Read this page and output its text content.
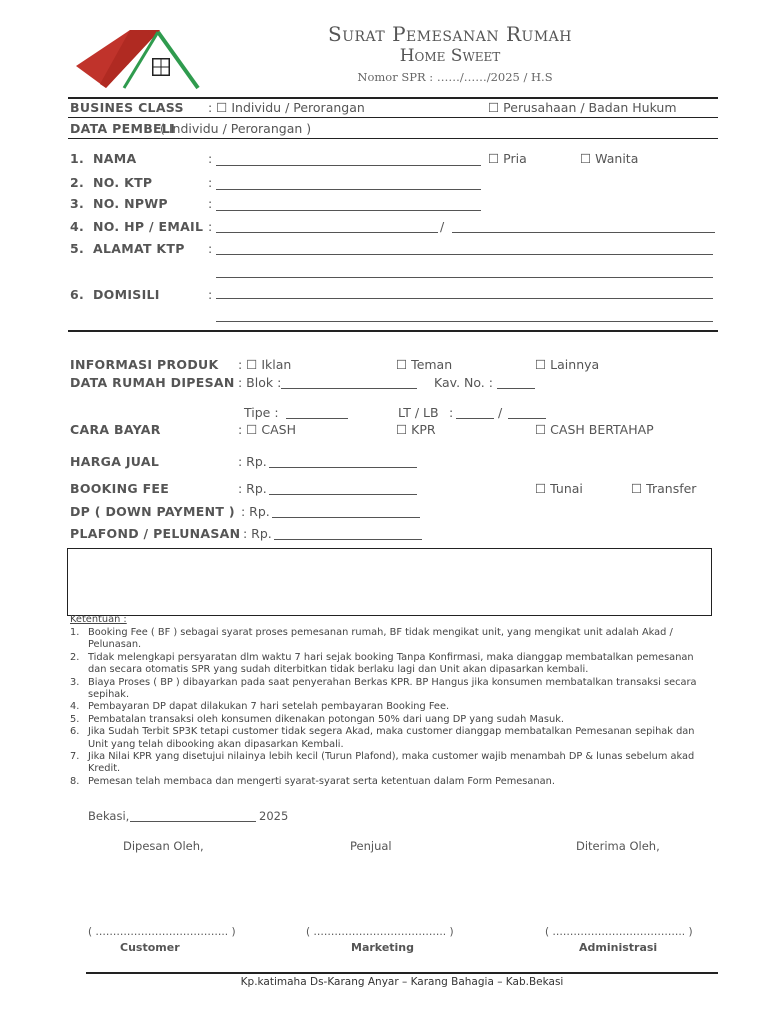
Surat Pemesanan Rumah
Home Sweet
Nomor SPR : ……/……/2025 / H.S
BUSINES CLASS : ☐ Individu / Perorangan	☐ Perusahaan / Badan Hukum
DATA PEMBELI
( Individu / Perorangan )
1. NAMA	:	☐ Pria	☐ Wanita
2. NO. KTP	:
3. NO. NPWP	:
4. NO. HP / EMAIL :	/
5. ALAMAT KTP :
6. DOMISILI	:
INFORMASI PRODUK : ☐ Iklan	☐ Teman	☐ Lainnya
DATA RUMAH DIPESAN : Blok :	Kav. No. :
Tipe :	LT / LB :	/
CARA BAYAR	: ☐ CASH	☐ KPR	☐ CASH BERTAHAP
HARGA JUAL	: Rp.
BOOKING FEE	: Rp.	☐ Tunai	☐ Transfer
DP ( DOWN PAYMENT ) : Rp.
PLAFOND / PELUNASAN : Rp.
Ketentuan :
1. Booking Fee ( BF ) sebagai syarat proses pemesanan rumah, BF tidak mengikat unit, yang mengikat unit adalah Akad /
Pelunasan.
2. Tidak melengkapi persyaratan dlm waktu 7 hari sejak booking Tanpa Konfirmasi, maka dianggap membatalkan pemesanan
dan secara otomatis SPR yang sudah diterbitkan tidak berlaku lagi dan Unit akan dipasarkan kembali.
3. Biaya Proses ( BP ) dibayarkan pada saat penyerahan Berkas KPR. BP Hangus jika konsumen membatalkan transaksi secara
sepihak.
4. Pembayaran DP dapat dilakukan 7 hari setelah pembayaran Booking Fee.
5. Pembatalan transaksi oleh konsumen dikenakan potongan 50% dari uang DP yang sudah Masuk.
6. Jika Sudah Terbit SP3K tetapi customer tidak segera Akad, maka customer dianggap membatalkan Pemesanan sepihak dan
Unit yang telah dibooking akan dipasarkan Kembali.
7. Jika Nilai KPR yang disetujui nilainya lebih kecil (Turun Plafond), maka customer wajib menambah DP & lunas sebelum akad
Kredit.
8. Pemesan telah membaca dan mengerti syarat-syarat serta ketentuan dalam Form Pemesanan.
Bekasi,	2025
Dipesan Oleh,	Penjual	Diterima Oleh,
( ……………………………….. )	( ……………………………….. )	( ……………………………….. )
Customer	Marketing	Administrasi
Kp.katimaha Ds-Karang Anyar – Karang Bahagia – Kab.Bekasi
